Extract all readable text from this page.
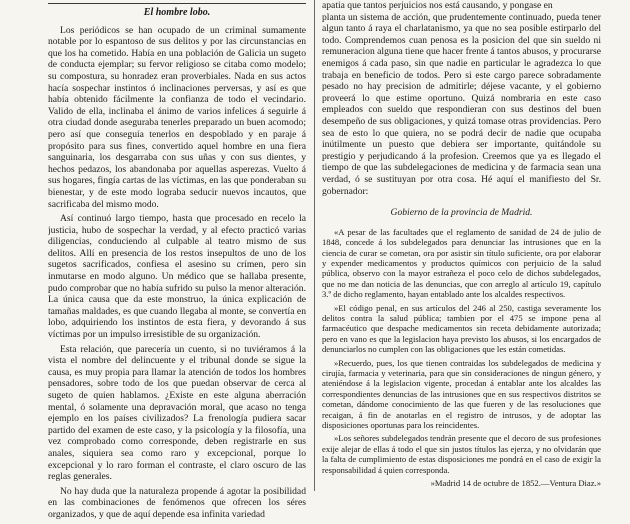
El hombre lobo.

Los periódicos se han ocupado de un criminal sumamente notable por lo espantoso de sus delitos y por las circunstancias en que los ha cometido. Había en una población de Galicia un sugeto de conducta ejemplar; su fervor religioso se citaba como modelo; su compostura, su honradez eran proverbiales. Nada en sus actos hacía sospechar instintos ó inclinaciones perversas, y así es que había obtenido fácilmente la confianza de todo el vecindario. Valido de ella, inclinaba el ánimo de varios infelices á seguirle á otra ciudad donde aseguraba tenerles preparado un buen acomodo; pero así que conseguía tenerlos en despoblado y en paraje á propósito para sus fines, convertido aquel hombre en una fiera sanguinaria, los desgarraba con sus uñas y con sus dientes, y hechos pedazos, los abandonaba por aquellas asperezas. Vuelto á sus hogares, fingía cartas de las víctimas, en las que ponderaban su bienestar, y de este modo lograba seducir nuevos incautos, que sacrificaba del mismo modo.

Así continuó largo tiempo, hasta que procesado en recelo la justicia, hubo de sospechar la verdad, y al efecto practicó varias diligencias, conduciendo al culpable al teatro mismo de sus delitos. Allí en presencia de los restos insepultos de uno de los sugetos sacrificados, confiesa el asesino su crímen, pero sin inmutarse en modo alguno. Un médico que se hallaba presente, pudo comprobar que no había sufrido su pulso la menor alteración. La única causa que da este monstruo, la única explicación de tamañas maldades, es que cuando llegaba al monte, se convertía en lobo, adquiriendo los instintos de esta fiera, y devorando á sus víctimas por un impulso irresistible de su organización.

Esta relación, que parecería un cuento, si no tuviéramos á la vista el nombre del delincuente y el tribunal donde se sigue la causa, es muy propia para llamar la atención de todos los hombres pensadores, sobre todo de los que puedan observar de cerca al sugeto de quien hablamos. ¿Existe en este alguna aberración mental, ó solamente una depravación moral, que acaso no tenga ejemplo en los países civilizados? La frenología pudiera sacar partido del examen de este caso, y la psicología y la filosofía, una vez comprobado como corresponde, deben registrarle en sus anales, siquiera sea como raro y excepcional, porque lo excepcional y lo raro forman el contraste, el claro oscuro de las reglas generales.

No hay duda que la naturaleza propende á agotar la posibilidad en las combinaciones de fenómenos que ofrecen los séres organizados, y que de aquí depende esa infinita variedad

apatia que tantos perjuicios nos está causando, y pongase en

planta un sistema de acción, que prudentemente continuado, pueda tener algun tanto á raya el charlatanismo, ya que no sea posible estirparlo del todo. Comprendemos cuan penosa es la posicion del que sin sueldo ni remuneracion alguna tiene que hacer frente á tantos abusos, y procurarse enemigos á cada paso, sin que nadie en particular le agradezca lo que trabaja en beneficio de todos. Pero si este cargo parece sobradamente pesado no hay precision de admitirle; déjese vacante, y el gobierno proveerá lo que estime oportuno. Quizá nombraria en este caso empleados con sueldo que respondieran con sus destinos del buen desempeño de sus obligaciones, y quizá tomase otras providencias. Pero sea de esto lo que quiera, no se podrá decir de nadie que ocupaba inútilmente un puesto que debiera ser importante, quitándole su prestigio y perjudicando á la profesion. Creemos que ya es llegado el tiempo de que las subdelegaciones de medicina y de farmacia sean una verdad, ó se sustituyan por otra cosa. Hé aquí el manifiesto del Sr. gobernador:

Gobierno de la provincia de Madrid.

«A pesar de las facultades que el reglamento de sanidad de 24 de julio de 1848, concede á los subdelegados para denunciar las intrusiones que en la ciencia de curar se cometan, ora por asistir sin título suficiente, ora por elaborar y expender medicamentos y productos químicos con perjuicio de la salud pública, observo con la mayor estrañeza el poco celo de dichos subdelegados, que no me dan noticia de las denuncias, que con arreglo al artículo 19, capítulo 3.º de dicho reglamento, hayan entablado ante los alcaldes respectivos.

»El código penal, en sus artículos del 246 al 250, castiga severamente los delitos contra la salud pública; tambien por el 475 se impone pena al farmacéutico que despache medicamentos sin receta debidamente autorizada; pero en vano es que la legislacion haya previsto los abusos, si los encargados de denunciarlos no cumplen con las obligaciones que les están cometidas.

»Recuerdo, pues, los que tienen contraidas los subdelegados de medicina y cirujía, farmacia y veterinaria, para que sin consideraciones de ningun género, y ateniéndose á la legislacion vigente, procedan á entablar ante los alcaldes las correspondientes denuncias de las intrusiones que en sus respectivos distritos se cometan, dándome conocimiento de las que fueren y de las resoluciones que recaigan, á fin de anotarlas en el registro de intrusos, y de adoptar las disposiciones oportunas para los reincidentes.

»Los señores subdelegados tendrán presente que el decoro de sus profesiones exije alejar de ellas á todo el que sin justos títulos las ejerza, y no olvidarán que la falta de cumplimiento de estas disposiciones me pondrá en el caso de exigir la responsabilidad á quien corresponda.

»Madrid 14 de octubre de 1852.—Ventura Diaz.»
